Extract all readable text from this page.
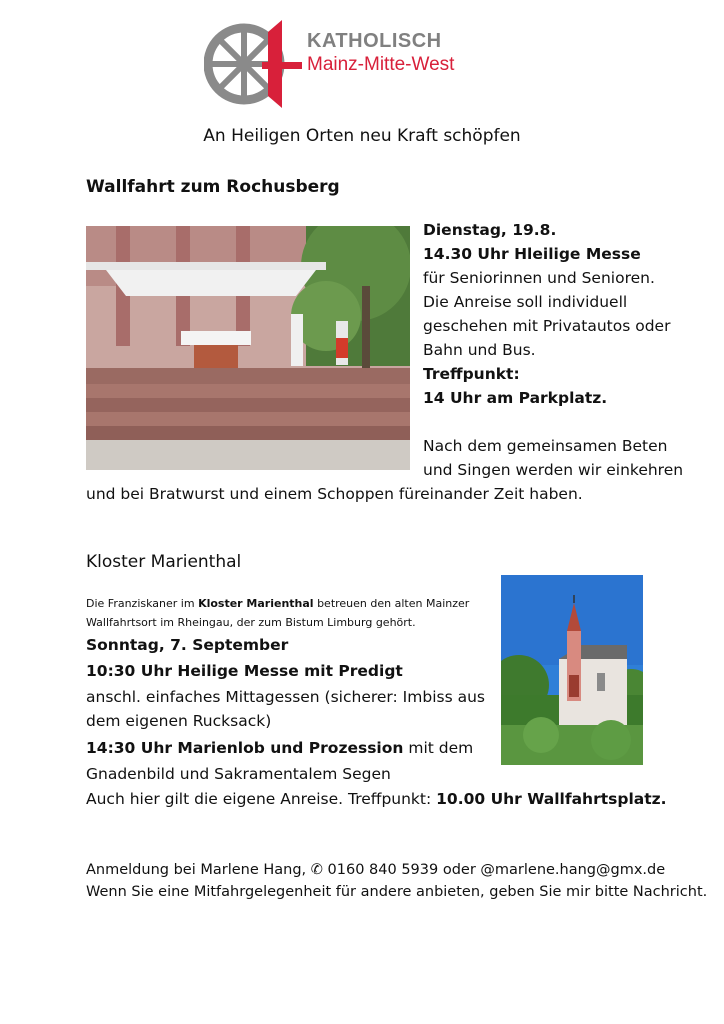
KATHOLISCH
Mainz-Mitte-West
An Heiligen Orten neu Kraft schöpfen
Wallfahrt zum Rochusberg
Dienstag, 19.8.
14.30 Uhr Hleilige Messe
für Seniorinnen und Senioren.
Die Anreise soll individuell
geschehen mit Privatautos oder
Bahn und Bus.
Treffpunkt:
14 Uhr am Parkplatz.
Nach dem gemeinsamen Beten
und Singen werden wir einkehren
und bei Bratwurst und einem Schoppen füreinander Zeit haben.
Kloster Marienthal
Die Franziskaner im Kloster Marienthal betreuen den alten Mainzer
Wallfahrtsort im Rheingau, der zum Bistum Limburg gehört.
Sonntag, 7. September
10:30 Uhr Heilige Messe mit Predigt
anschl. einfaches Mittagessen (sicherer: Imbiss aus
dem eigenen Rucksack)
14:30 Uhr Marienlob und Prozession mit dem
Gnadenbild und Sakramentalem Segen
Auch hier gilt die eigene Anreise. Treffpunkt: 10.00 Uhr Wallfahrtsplatz.
Anmeldung bei Marlene Hang, ✆ 0160 840 5939 oder @marlene.hang@gmx.de
Wenn Sie eine Mitfahrgelegenheit für andere anbieten, geben Sie mir bitte Nachricht.
